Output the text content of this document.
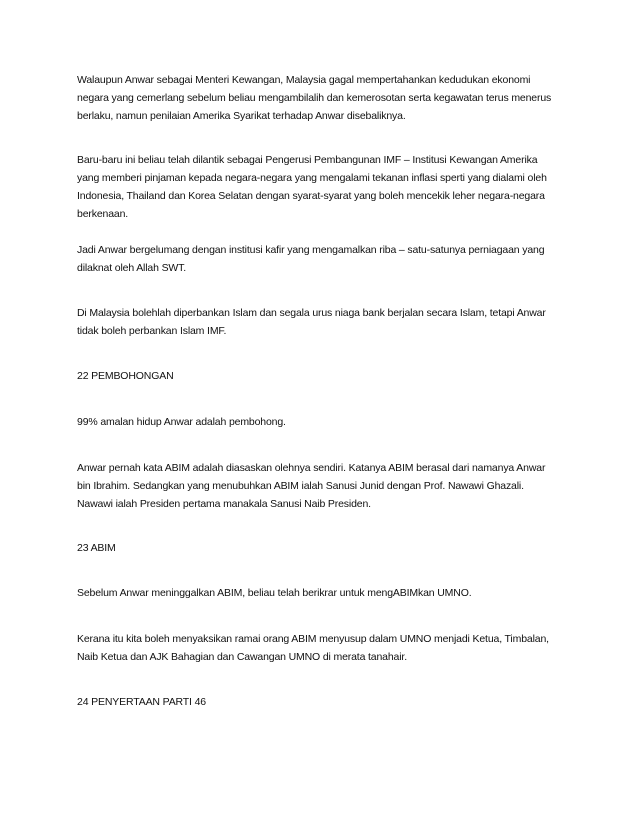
Walaupun Anwar sebagai Menteri Kewangan, Malaysia gagal mempertahankan kedudukan ekonomi
negara yang cemerlang sebelum beliau mengambilalih dan kemerosotan serta kegawatan terus menerus
berlaku, namun penilaian Amerika Syarikat terhadap Anwar disebaliknya.
Baru-baru ini beliau telah dilantik sebagai Pengerusi Pembangunan IMF – Institusi Kewangan Amerika
yang memberi pinjaman kepada negara-negara yang mengalami tekanan inflasi sperti yang dialami oleh
Indonesia, Thailand dan Korea Selatan dengan syarat-syarat yang boleh mencekik leher negara-negara
berkenaan.
Jadi Anwar bergelumang dengan institusi kafir yang mengamalkan riba – satu-satunya perniagaan yang
dilaknat oleh Allah SWT.
Di Malaysia bolehlah diperbankan Islam dan segala urus niaga bank berjalan secara Islam, tetapi Anwar
tidak boleh perbankan Islam IMF.
22 PEMBOHONGAN
99% amalan hidup Anwar adalah pembohong.
Anwar pernah kata ABIM adalah diasaskan olehnya sendiri. Katanya ABIM berasal dari namanya Anwar
bin Ibrahim. Sedangkan yang menubuhkan ABIM ialah Sanusi Junid dengan Prof. Nawawi Ghazali.
Nawawi ialah Presiden pertama manakala Sanusi Naib Presiden.
23 ABIM
Sebelum Anwar meninggalkan ABIM, beliau telah berikrar untuk mengABIMkan UMNO.
Kerana itu kita boleh menyaksikan ramai orang ABIM menyusup dalam UMNO menjadi Ketua, Timbalan,
Naib Ketua dan AJK Bahagian dan Cawangan UMNO di merata tanahair.
24 PENYERTAAN PARTI 46
